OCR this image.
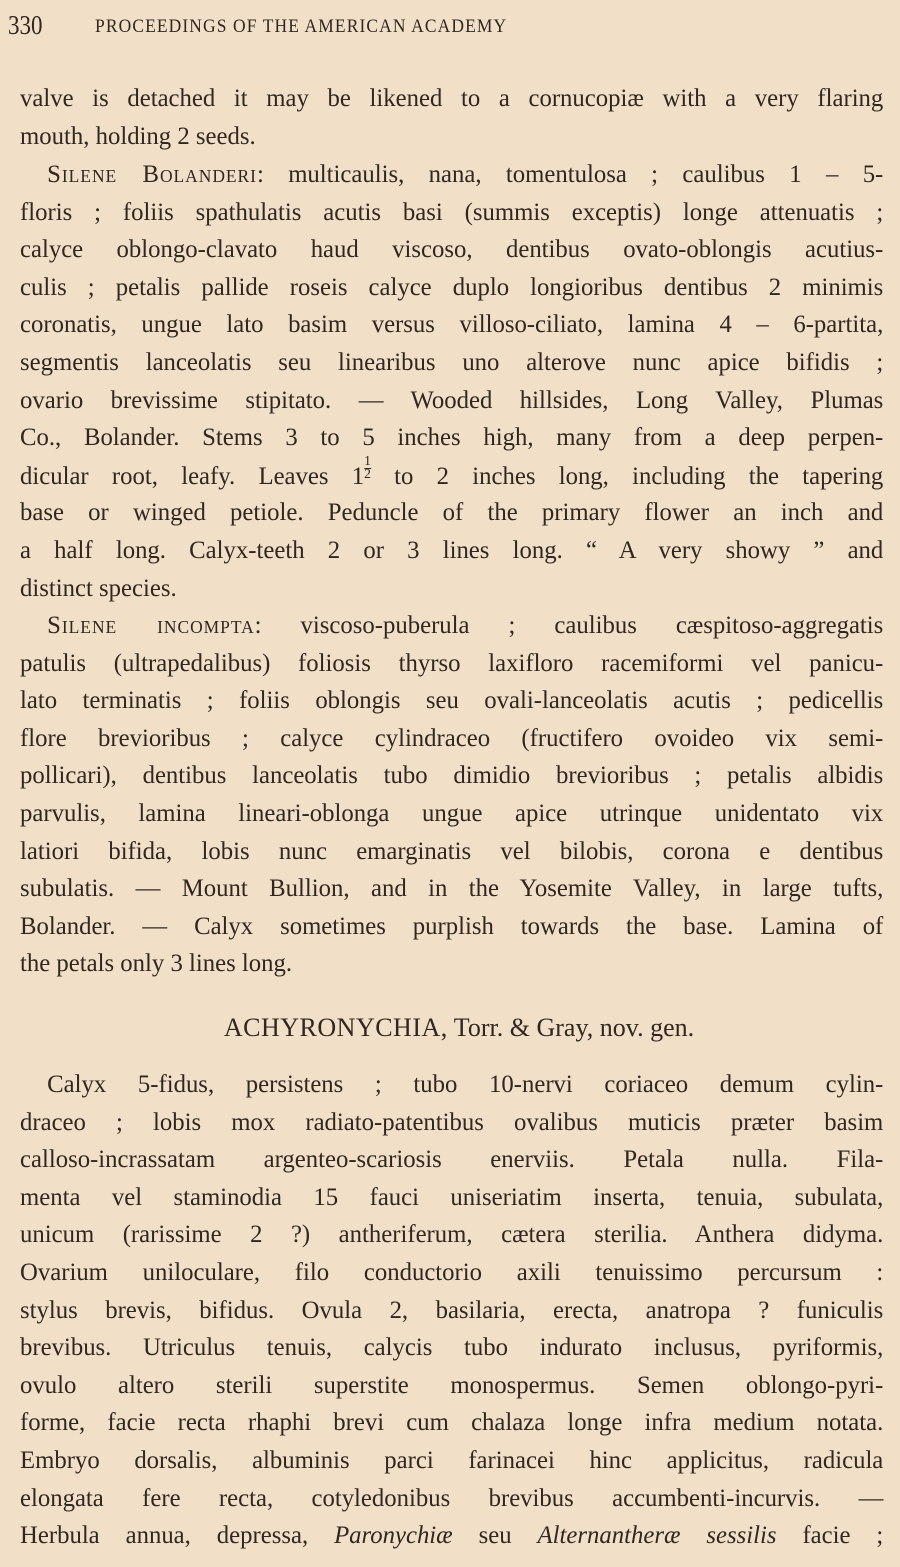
330	PROCEEDINGS OF THE AMERICAN ACADEMY
valve is detached it may be likened to a cornucopiæ with a very flaring
mouth, holding 2 seeds.
Silene Bolanderi: multicaulis, nana, tomentulosa ; caulibus 1 – 5-
floris ; foliis spathulatis acutis basi (summis exceptis) longe attenuatis ;
calyce oblongo-clavato haud viscoso, dentibus ovato-oblongis acutius-
culis ; petalis pallide roseis calyce duplo longioribus dentibus 2 minimis
coronatis, ungue lato basim versus villoso-ciliato, lamina 4 – 6-partita,
segmentis lanceolatis seu linearibus uno alterove nunc apice bifidis ;
ovario brevissime stipitato. — Wooded hillsides, Long Valley, Plumas
Co., Bolander. Stems 3 to 5 inches high, many from a deep perpen-
dicular root, leafy. Leaves $1 \frac{1}{2}$ to 2 inches long, including the tapering
base or winged petiole. Peduncle of the primary flower an inch and
a half long. Calyx-teeth 2 or 3 lines long. “ A very showy ” and
distinct species.
Silene incompta: viscoso-puberula ; caulibus cæspitoso-aggregatis
patulis (ultrapedalibus) foliosis thyrso laxifloro racemiformi vel panicu-
lato terminatis ; foliis oblongis seu ovali-lanceolatis acutis ; pedicellis
flore brevioribus ; calyce cylindraceo (fructifero ovoideo vix semi-
pollicari), dentibus lanceolatis tubo dimidio brevioribus ; petalis albidis
parvulis, lamina lineari-oblonga ungue apice utrinque unidentato vix
latiori bifida, lobis nunc emarginatis vel bilobis, corona e dentibus
subulatis. — Mount Bullion, and in the Yosemite Valley, in large tufts,
Bolander. — Calyx sometimes purplish towards the base. Lamina of
the petals only 3 lines long.
ACHYRONYCHIA, Torr. & Gray, nov. gen.
Calyx 5-fidus, persistens ; tubo 10-nervi coriaceo demum cylin-
draceo ; lobis mox radiato-patentibus ovalibus muticis præter basim
calloso-incrassatam argenteo-scariosis enerviis. Petala nulla. Fila-
menta vel staminodia 15 fauci uniseriatim inserta, tenuia, subulata,
unicum (rarissime 2 ?) antheriferum, cætera sterilia. Anthera didyma.
Ovarium uniloculare, filo conductorio axili tenuissimo percursum :
stylus brevis, bifidus. Ovula 2, basilaria, erecta, anatropa ? funiculis
brevibus. Utriculus tenuis, calycis tubo indurato inclusus, pyriformis,
ovulo altero sterili superstite monospermus. Semen oblongo-pyri-
forme, facie recta rhaphi brevi cum chalaza longe infra medium notata.
Embryo dorsalis, albuminis parci farinacei hinc applicitus, radicula
elongata fere recta, cotyledonibus brevibus accumbenti-incurvis. —
Herbula annua, depressa, Paronychiæ seu Alternantheræ sessilis facie ;
